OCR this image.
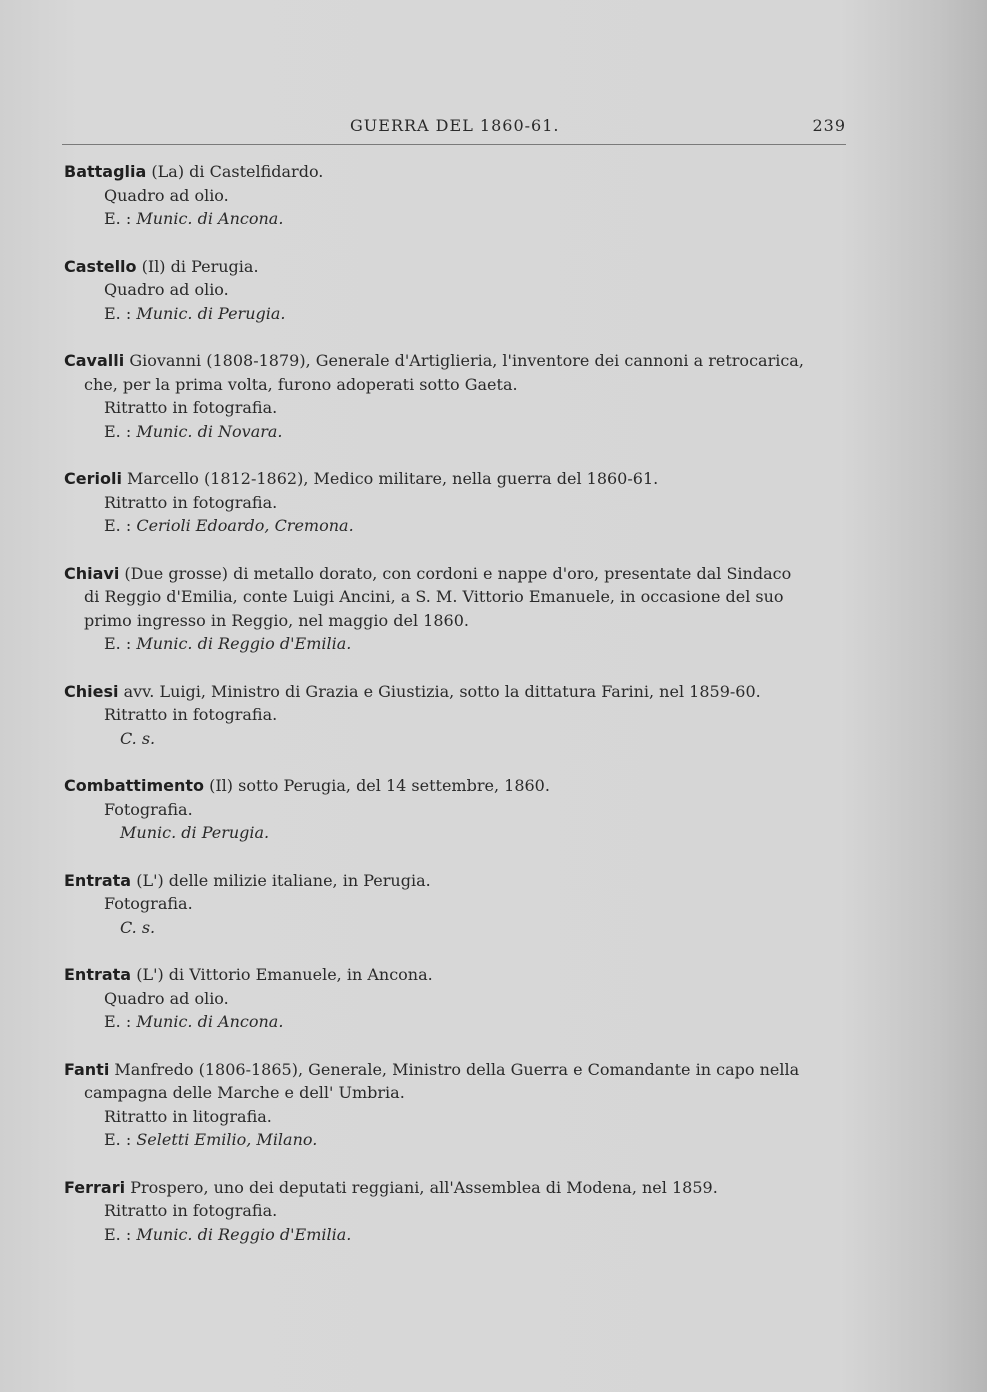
GUERRA DEL 1860-61.	239

Battaglia (La) di Castelfidardo.

Quadro ad olio.

E. : Munic. di Ancona.

Castello (Il) di Perugia.

Quadro ad olio.

E. : Munic. di Perugia.

Cavalli Giovanni (1808-1879), Generale d'Artiglieria, l'inventore dei cannoni a retrocarica,

che, per la prima volta, furono adoperati sotto Gaeta.

Ritratto in fotografia.

E. : Munic. di Novara.

Cerioli Marcello (1812-1862), Medico militare, nella guerra del 1860-61.

Ritratto in fotografia.

E. : Cerioli Edoardo, Cremona.

Chiavi (Due grosse) di metallo dorato, con cordoni e nappe d'oro, presentate dal Sindaco

di Reggio d'Emilia, conte Luigi Ancini, a S. M. Vittorio Emanuele, in occasione del suo

primo ingresso in Reggio, nel maggio del 1860.

E. : Munic. di Reggio d'Emilia.

Chiesi avv. Luigi, Ministro di Grazia e Giustizia, sotto la dittatura Farini, nel 1859-60.

Ritratto in fotografia.

C. s.

Combattimento (Il) sotto Perugia, del 14 settembre, 1860.

Fotografia.

Munic. di Perugia.

Entrata (L') delle milizie italiane, in Perugia.

Fotografia.

C. s.

Entrata (L') di Vittorio Emanuele, in Ancona.

Quadro ad olio.

E. : Munic. di Ancona.

Fanti Manfredo (1806-1865), Generale, Ministro della Guerra e Comandante in capo nella

campagna delle Marche e dell' Umbria.

Ritratto in litografia.

E. : Seletti Emilio, Milano.

Ferrari Prospero, uno dei deputati reggiani, all'Assemblea di Modena, nel 1859.

Ritratto in fotografia.

E. : Munic. di Reggio d'Emilia.
